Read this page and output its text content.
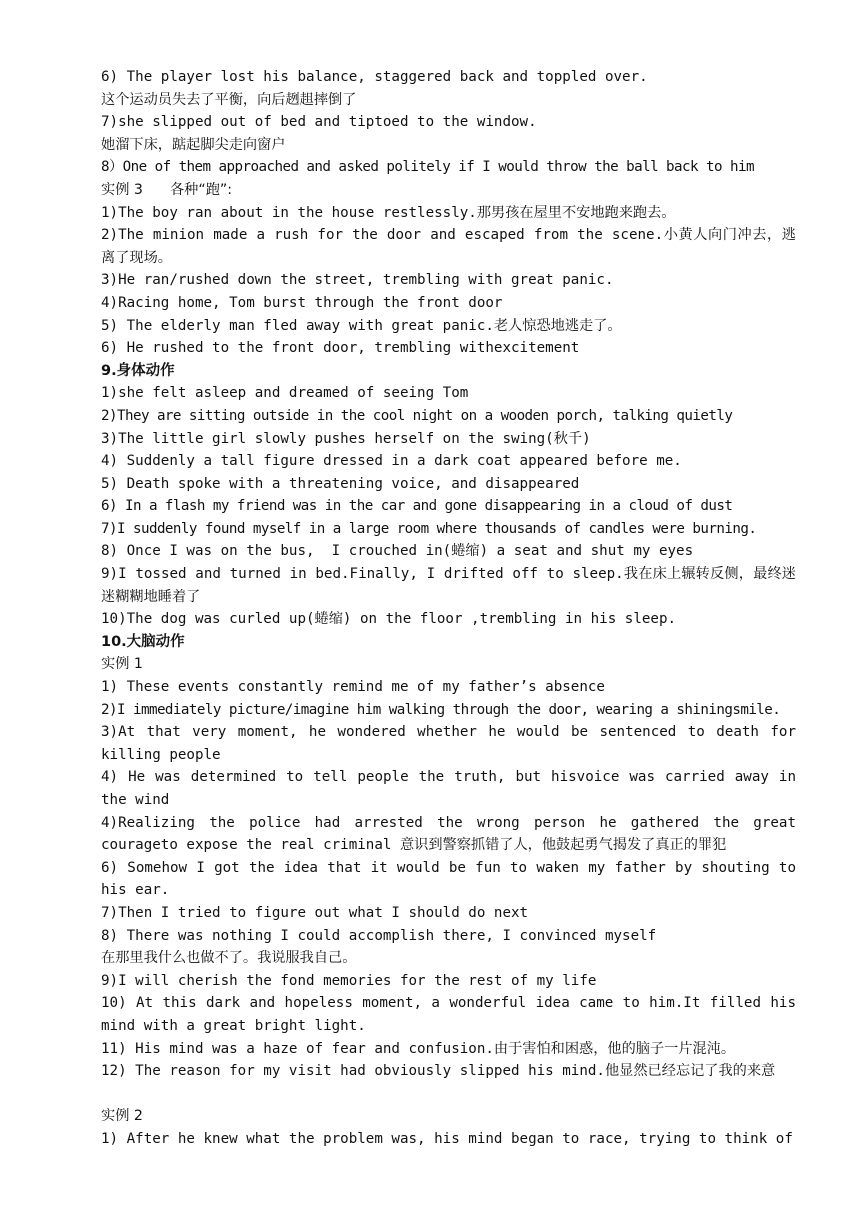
6) The player lost his balance, staggered back and toppled over.

这个运动员失去了平衡，向后趔趄摔倒了

7)she slipped out of bed and tiptoed to the window.

她溜下床，踮起脚尖走向窗户

8）One of them approached and asked politely if I would throw the ball back to him

实例 3      各种“跑”:

1)The boy ran about in the house restlessly.那男孩在屋里不安地跑来跑去。

2)The minion made a rush for the door and escaped from the scene.小黄人向门冲去，逃离了现场。

3)He ran/rushed down the street, trembling with great panic.

4)Racing home, Tom burst through the front door

5) The elderly man fled away with great panic.老人惊恐地逃走了。

6) He rushed to the front door, trembling withexcitement

9.身体动作

1)she felt asleep and dreamed of seeing Tom

2)They are sitting outside in the cool night on a wooden porch, talking quietly

3)The little girl slowly pushes herself on the swing(秋千)

4) Suddenly a tall figure dressed in a dark coat appeared before me.

5) Death spoke with a threatening voice, and disappeared

6) In a flash my friend was in the car and gone disappearing in a cloud of dust

7)I suddenly found myself in a large room where thousands of candles were burning.

8) Once I was on the bus,  I crouched in(蜷缩) a seat and shut my eyes

9)I tossed and turned in bed.Finally, I drifted off to sleep.我在床上辗转反侧，最终迷迷糊糊地睡着了

10)The dog was curled up(蜷缩) on the floor ,trembling in his sleep.

10.大脑动作

实例 1

1) These events constantly remind me of my father’s absence

2)I immediately picture/imagine him walking through the door, wearing a shiningsmile.

3)At that very moment, he wondered whether he would be sentenced to death for killing people

4) He was determined to tell people the truth, but hisvoice was carried away in the wind

4)Realizing the police had arrested the wrong person he gathered the great courageto expose the real criminal 意识到警察抓错了人，他鼓起勇气揭发了真正的罪犯

6) Somehow I got the idea that it would be fun to waken my father by shouting to his ear.

7)Then I tried to figure out what I should do next

8) There was nothing I could accomplish there, I convinced myself

在那里我什么也做不了。我说服我自己。

9)I will cherish the fond memories for the rest of my life

10) At this dark and hopeless moment, a wonderful idea came to him.It filled his mind with a great bright light.

11) His mind was a haze of fear and confusion.由于害怕和困惑，他的脑子一片混沌。

12) The reason for my visit had obviously slipped his mind.他显然已经忘记了我的来意

实例 2

1) After he knew what the problem was, his mind began to race, trying to think of
